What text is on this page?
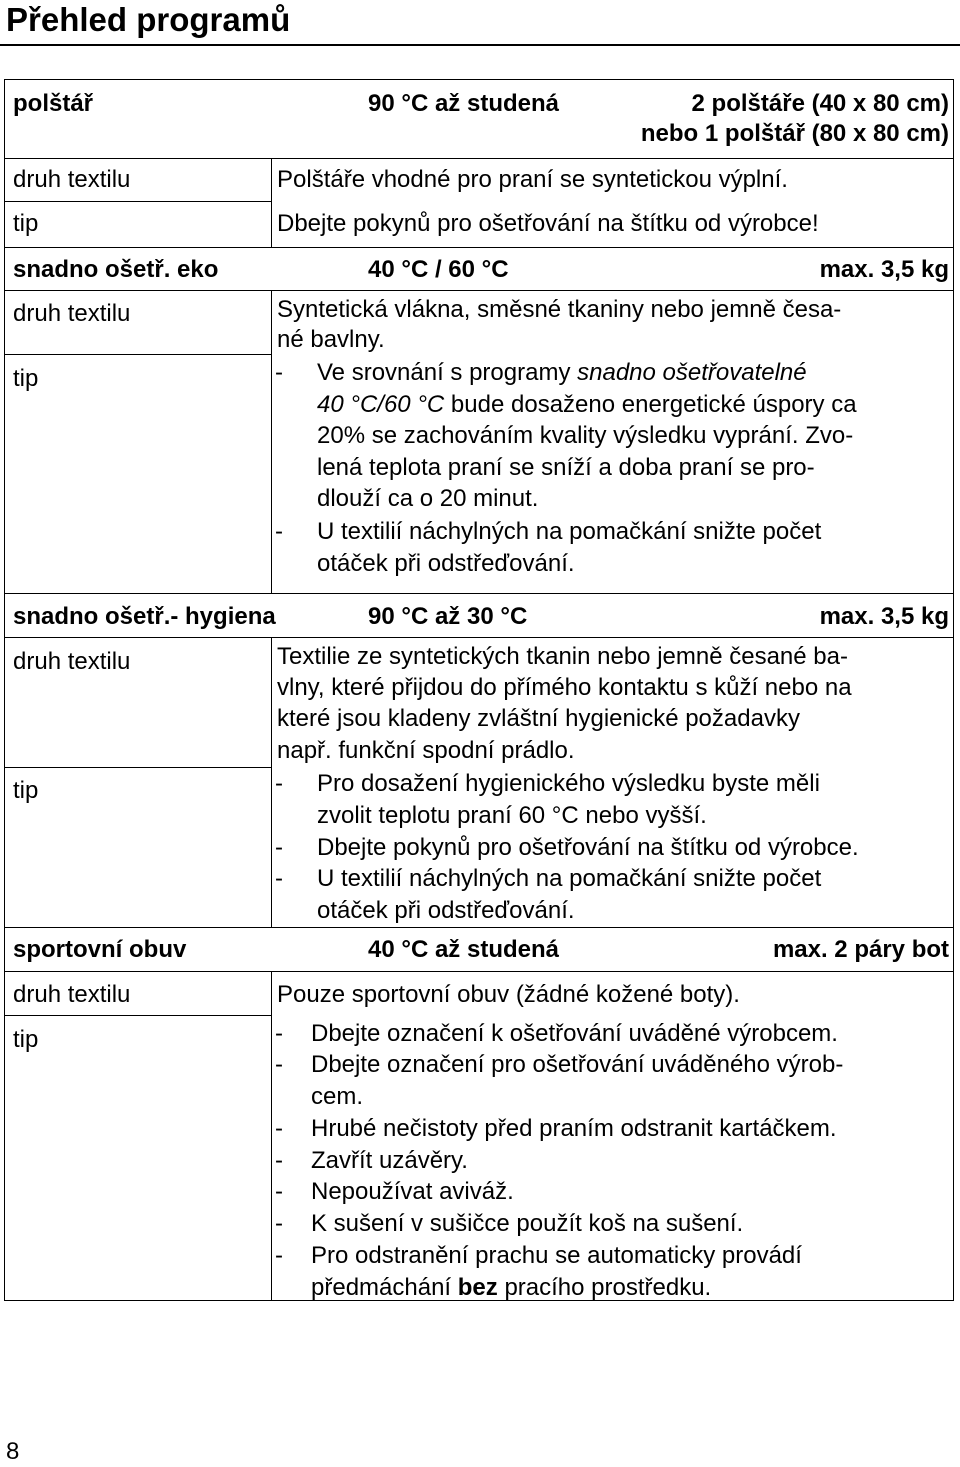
Přehled programů
polštář	90 °C až studená	2 polštáře (40 x 80 cm)
nebo 1 polštář (80 x 80 cm)
druh textilu	Polštáře vhodné pro praní se syntetickou výplní.
tip	Dbejte pokynů pro ošetřování na štítku od výrobce!
snadno ošetř. eko	40 °C / 60 °C	max. 3,5 kg
druh textilu	Syntetická vlákna, směsné tkaniny nebo jemně česa-
né bavlny.
tip	- Ve srovnání s programy snadno ošetřovatelné
40 °C/60 °C bude dosaženo energetické úspory ca
20% se zachováním kvality výsledku vyprání. Zvo-
lená teplota praní se sníží a doba praní se pro-
dlouží ca o 20 minut.
- U textilií náchylných na pomačkání snižte počet
otáček při odstřeďování.
snadno ošetř.- hygiena	90 °C až 30 °C	max. 3,5 kg
druh textilu	Textilie ze syntetických tkanin nebo jemně česané ba-
vlny, které přijdou do přímého kontaktu s kůží nebo na
které jsou kladeny zvláštní hygienické požadavky
např. funkční spodní prádlo.
tip	- Pro dosažení hygienického výsledku byste měli
zvolit teplotu praní 60 °C nebo vyšší.
- Dbejte pokynů pro ošetřování na štítku od výrobce.
- U textilií náchylných na pomačkání snižte počet
otáček při odstřeďování.
sportovní obuv	40 °C až studená	max. 2 páry bot
druh textilu	Pouze sportovní obuv (žádné kožené boty).
tip	- Dbejte označení k ošetřování uváděné výrobcem.
- Dbejte označení pro ošetřování uváděného výrob-
cem.
- Hrubé nečistoty před praním odstranit kartáčkem.
- Zavřít uzávěry.
- Nepoužívat aviváž.
- K sušení v sušičce použít koš na sušení.
- Pro odstranění prachu se automaticky provádí
předmáchání bez pracího prostředku.
8
